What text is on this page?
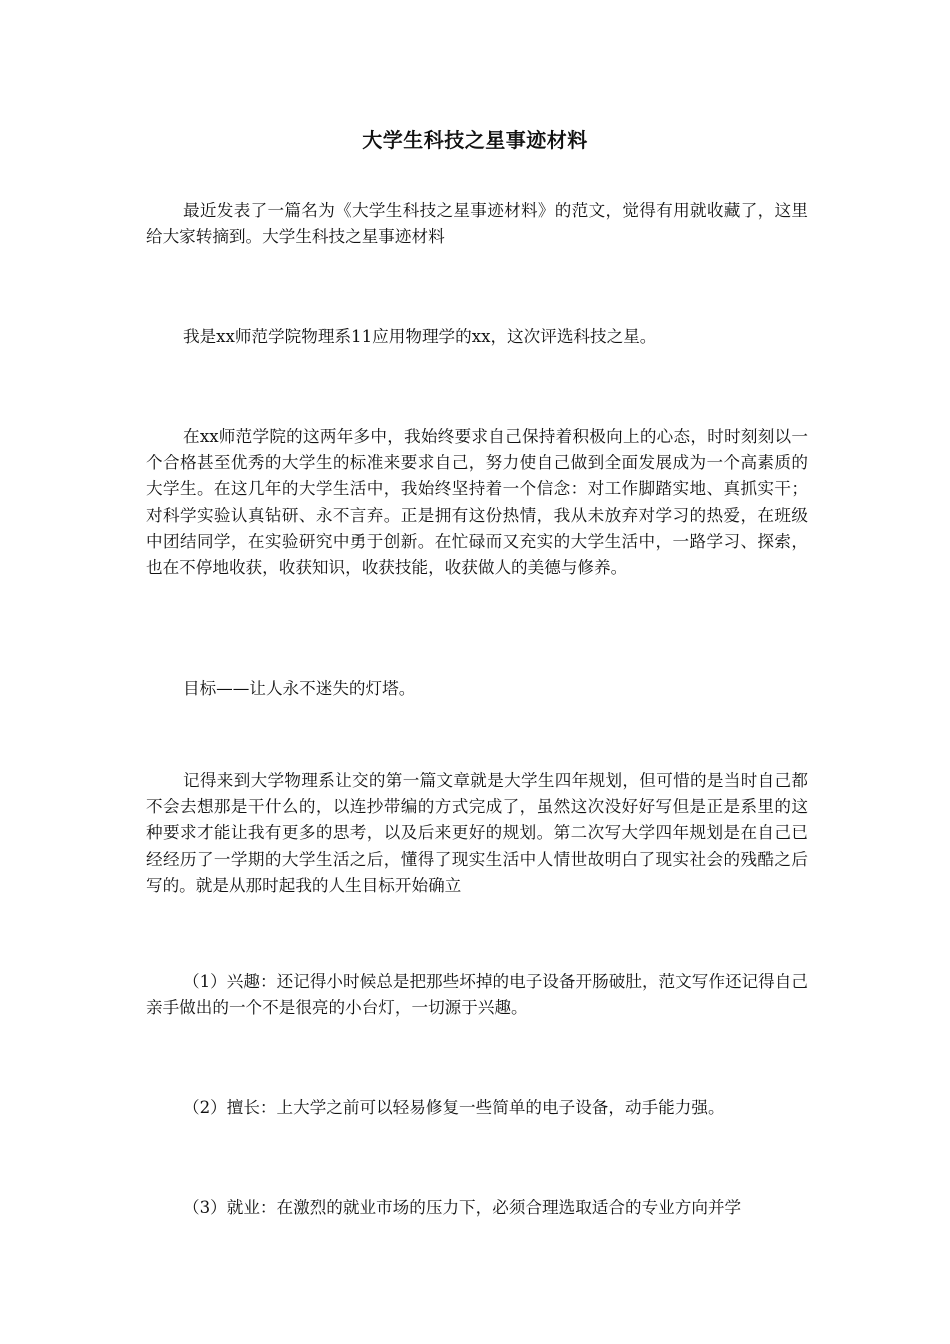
大学生科技之星事迹材料

最近发表了一篇名为《大学生科技之星事迹材料》的范文，觉得有用就收藏了，这里给大家转摘到。大学生科技之星事迹材料

我是xx师范学院物理系11应用物理学的xx，这次评选科技之星。

在xx师范学院的这两年多中，我始终要求自己保持着积极向上的心态，时时刻刻以一个合格甚至优秀的大学生的标准来要求自己，努力使自己做到全面发展成为一个高素质的大学生。在这几年的大学生活中，我始终坚持着一个信念：对工作脚踏实地、真抓实干；对科学实验认真钻研、永不言弃。正是拥有这份热情，我从未放弃对学习的热爱，在班级中团结同学，在实验研究中勇于创新。在忙碌而又充实的大学生活中，一路学习、探索，也在不停地收获，收获知识，收获技能，收获做人的美德与修养。

目标——让人永不迷失的灯塔。

记得来到大学物理系让交的第一篇文章就是大学生四年规划，但可惜的是当时自己都不会去想那是干什么的，以连抄带编的方式完成了，虽然这次没好好写但是正是系里的这种要求才能让我有更多的思考，以及后来更好的规划。第二次写大学四年规划是在自己已经经历了一学期的大学生活之后，懂得了现实生活中人情世故明白了现实社会的残酷之后写的。就是从那时起我的人生目标开始确立

（1）兴趣：还记得小时候总是把那些坏掉的电子设备开肠破肚，范文写作还记得自己亲手做出的一个不是很亮的小台灯，一切源于兴趣。

（2）擅长：上大学之前可以轻易修复一些简单的电子设备，动手能力强。

（3）就业：在激烈的就业市场的压力下，必须合理选取适合的专业方向并学
